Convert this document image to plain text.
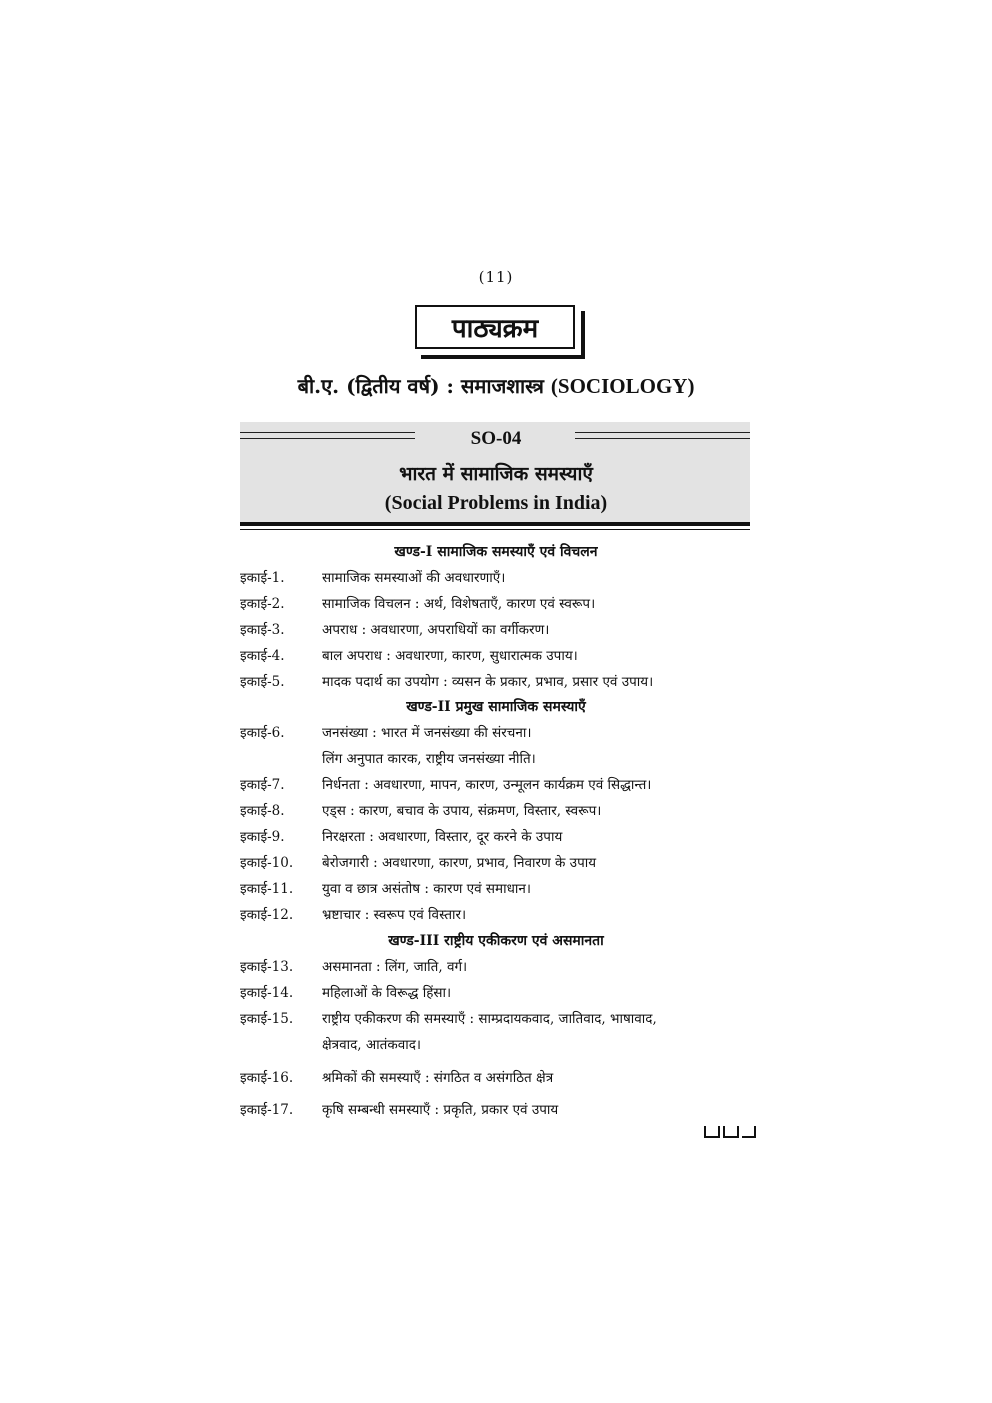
(11)
पाठ्यक्रम
बी.ए. (द्वितीय वर्ष) : समाजशास्त्र (SOCIOLOGY)
SO-04
भारत में सामाजिक समस्याएँ
(Social Problems in India)
खण्ड-I सामाजिक समस्याएँ एवं विचलन
इकाई-1.	सामाजिक समस्याओं की अवधारणाएँ।
इकाई-2.	सामाजिक विचलन : अर्थ, विशेषताएँ, कारण एवं स्वरूप।
इकाई-3.	अपराध : अवधारणा, अपराधियों का वर्गीकरण।
इकाई-4.	बाल अपराध : अवधारणा, कारण, सुधारात्मक उपाय।
इकाई-5.	मादक पदार्थ का उपयोग : व्यसन के प्रकार, प्रभाव, प्रसार एवं उपाय।
खण्ड-II प्रमुख सामाजिक समस्याएँ
इकाई-6.	जनसंख्या : भारत में जनसंख्या की संरचना।
लिंग अनुपात कारक, राष्ट्रीय जनसंख्या नीति।
इकाई-7.	निर्धनता : अवधारणा, मापन, कारण, उन्मूलन कार्यक्रम एवं सिद्धान्त।
इकाई-8.	एड्स : कारण, बचाव के उपाय, संक्रमण, विस्तार, स्वरूप।
इकाई-9.	निरक्षरता : अवधारणा, विस्तार, दूर करने के उपाय
इकाई-10. बेरोजगारी : अवधारणा, कारण, प्रभाव, निवारण के उपाय
इकाई-11. युवा व छात्र असंतोष : कारण एवं समाधान।
इकाई-12. भ्रष्टाचार : स्वरूप एवं विस्तार।
खण्ड-III राष्ट्रीय एकीकरण एवं असमानता
इकाई-13. असमानता : लिंग, जाति, वर्ग।
इकाई-14. महिलाओं के विरूद्ध हिंसा।
इकाई-15. राष्ट्रीय एकीकरण की समस्याएँ : साम्प्रदायकवाद, जातिवाद, भाषावाद,
क्षेत्रवाद, आतंकवाद।
इकाई-16. श्रमिकों की समस्याएँ : संगठित व असंगठित क्षेत्र
इकाई-17. कृषि सम्बन्धी समस्याएँ : प्रकृति, प्रकार एवं उपाय
